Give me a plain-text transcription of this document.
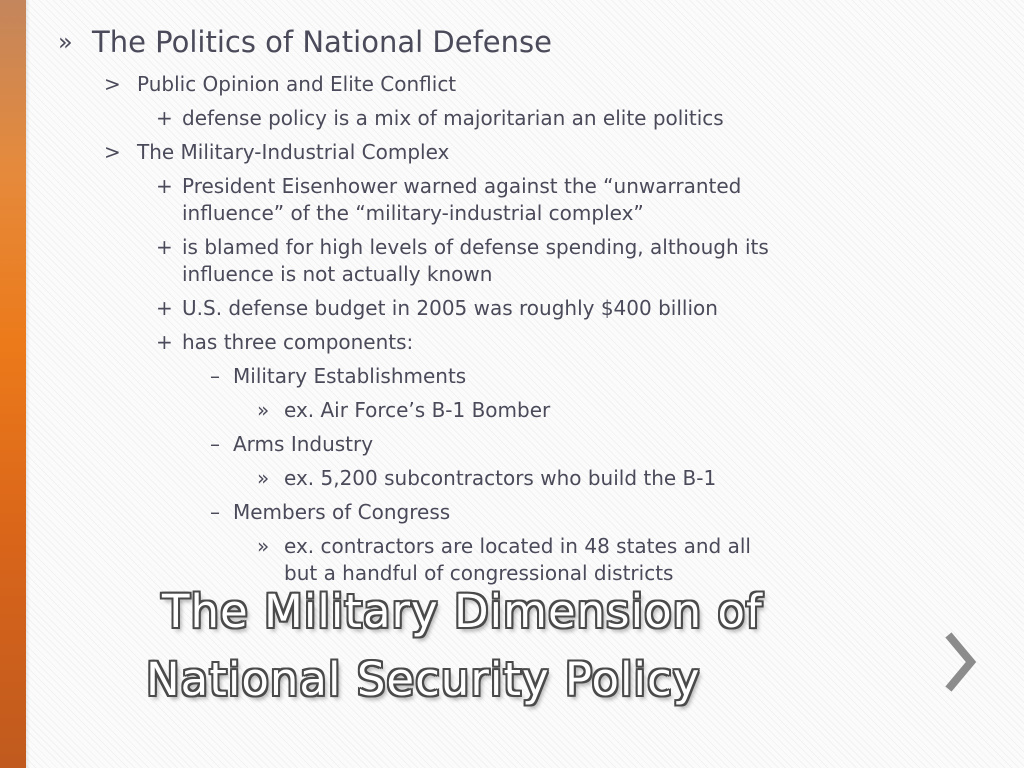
» The Politics of National Defense
> Public Opinion and Elite Conflict
+ defense policy is a mix of majoritarian an elite politics
> The Military-Industrial Complex
+ President Eisenhower warned against the “unwarranted
influence” of the “military-industrial complex”
+ is blamed for high levels of defense spending, although its
influence is not actually known
+ U.S. defense budget in 2005 was roughly $400 billion
+ has three components:
– Military Establishments
» ex. Air Force’s B-1 Bomber
– Arms Industry
» ex. 5,200 subcontractors who build the B-1
– Members of Congress
» ex. contractors are located in 48 states and all
but a handful of congressional districts
The Military Dimension of
National Security Policy
